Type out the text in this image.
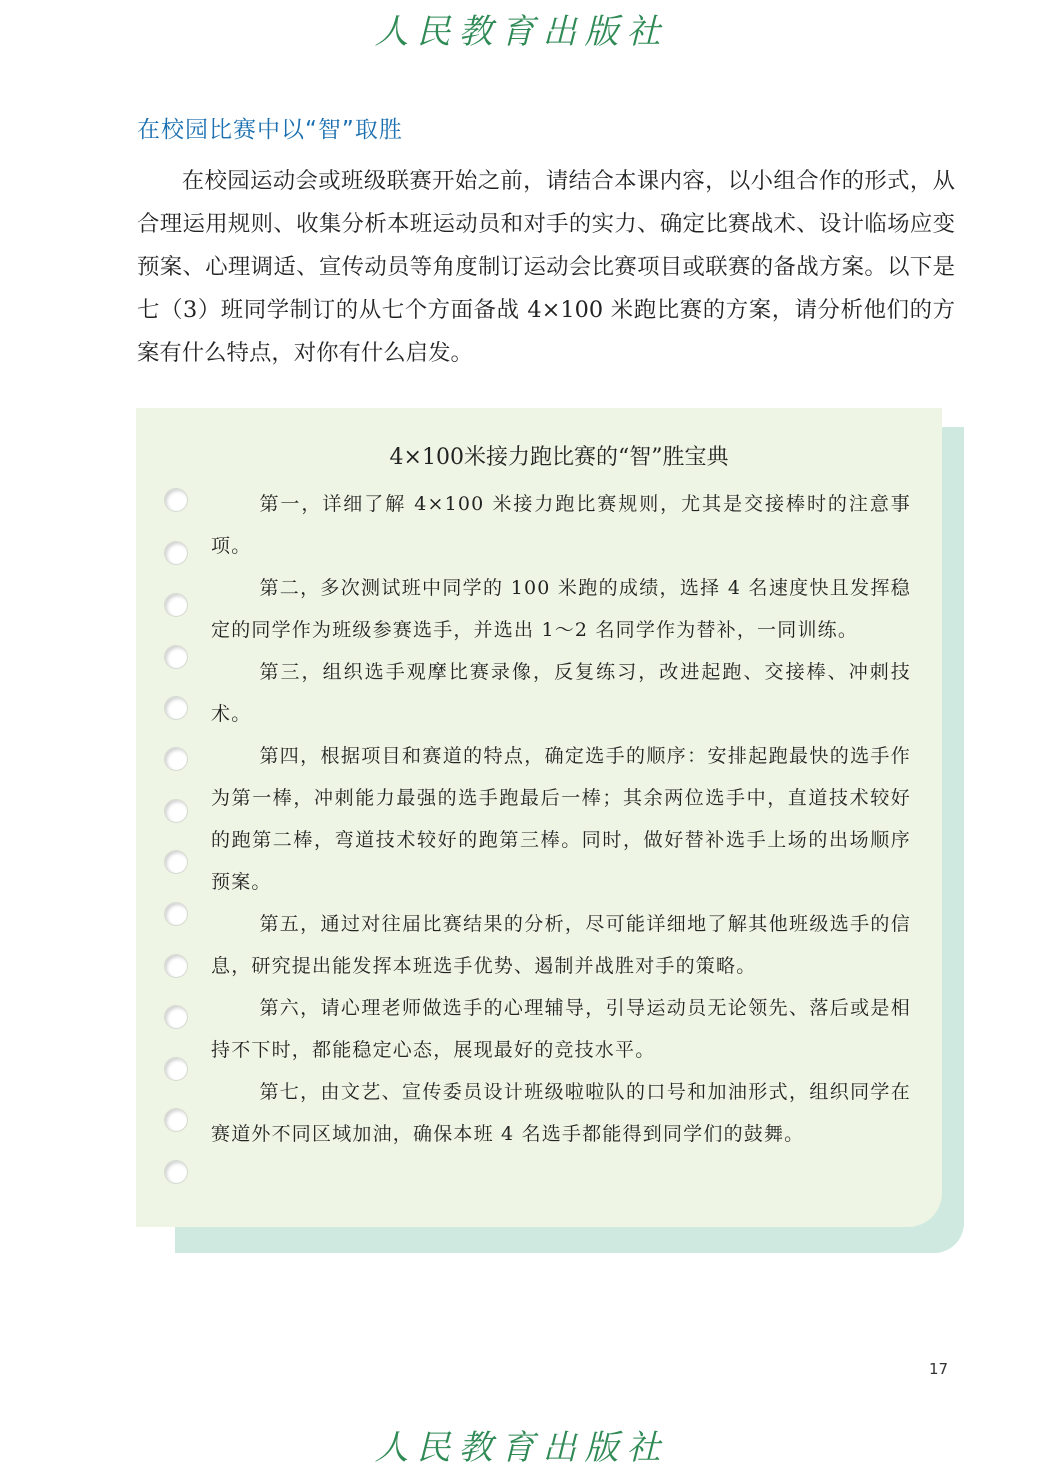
人民教育出版社
在校园比赛中以“智”取胜

在校园运动会或班级联赛开始之前，请结合本课内容，以小组合作的形式，从合理运用规则、收集分析本班运动员和对手的实力、确定比赛战术、设计临场应变预案、心理调适、宣传动员等角度制订运动会比赛项目或联赛的备战方案。以下是七（3）班同学制订的从七个方面备战 4×100 米跑比赛的方案，请分析他们的方案有什么特点，对你有什么启发。

4×100米接力跑比赛的“智”胜宝典

第一，详细了解 4×100 米接力跑比赛规则，尤其是交接棒时的注意事项。

第二，多次测试班中同学的 100 米跑的成绩，选择 4 名速度快且发挥稳定的同学作为班级参赛选手，并选出 1～2 名同学作为替补，一同训练。

第三，组织选手观摩比赛录像，反复练习，改进起跑、交接棒、冲刺技术。

第四，根据项目和赛道的特点，确定选手的顺序：安排起跑最快的选手作为第一棒，冲刺能力最强的选手跑最后一棒；其余两位选手中，直道技术较好的跑第二棒，弯道技术较好的跑第三棒。同时，做好替补选手上场的出场顺序预案。

第五，通过对往届比赛结果的分析，尽可能详细地了解其他班级选手的信息，研究提出能发挥本班选手优势、遏制并战胜对手的策略。

第六，请心理老师做选手的心理辅导，引导运动员无论领先、落后或是相持不下时，都能稳定心态，展现最好的竞技水平。

第七，由文艺、宣传委员设计班级啦啦队的口号和加油形式，组织同学在赛道外不同区域加油，确保本班 4 名选手都能得到同学们的鼓舞。

17
人民教育出版社
